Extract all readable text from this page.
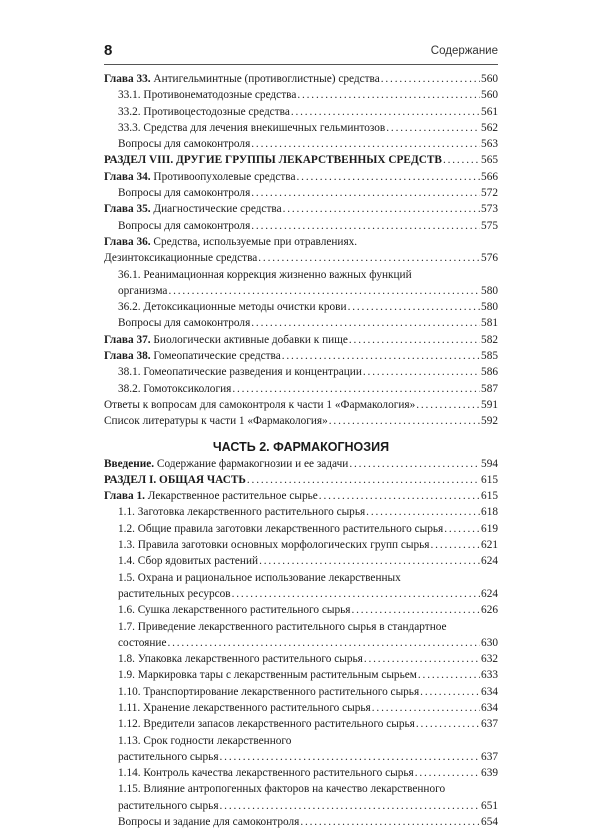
8	Содержание
Глава 33. Антигельминтные (противоглистные) средства . . .	560
33.1. Противонематодозные средства . . .	560
33.2. Противоцестодозные средства . . .	561
33.3. Средства для лечения внекишечных гельминтозов . . .	562
Вопросы для самоконтроля . . .	563
РАЗДЕЛ VIII. ДРУГИЕ ГРУППЫ ЛЕКАРСТВЕННЫХ СРЕДСТВ . . .	565
Глава 34. Противоопухолевые средства . . .	566
Вопросы для самоконтроля . . .	572
Глава 35. Диагностические средства . . .	573
Вопросы для самоконтроля . . .	575
Глава 36. Средства, используемые при отравлениях.
Дезинтоксикационные средства . . .	576
36.1. Реанимационная коррекция жизненно важных функций
организма . . .	580
36.2. Детоксикационные методы очистки крови . . .	580
Вопросы для самоконтроля . . .	581
Глава 37. Биологически активные добавки к пище . . .	582
Глава 38. Гомеопатические средства . . .	585
38.1. Гомеопатические разведения и концентрации . . .	586
38.2. Гомотоксикология . . .	587
Ответы к вопросам для самоконтроля к части 1 «Фармакология» . . .	591
Список литературы к части 1 «Фармакология» . . .	592
ЧАСТЬ 2. ФАРМАКОГНОЗИЯ
Введение. Содержание фармакогнозии и ее задачи . . .	594
РАЗДЕЛ I. ОБЩАЯ ЧАСТЬ . . .	615
Глава 1. Лекарственное растительное сырье . . .	615
1.1. Заготовка лекарственного растительного сырья . . .	618
1.2. Общие правила заготовки лекарственного растительного сырья . . .	619
1.3. Правила заготовки основных морфологических групп сырья . . .	621
1.4. Сбор ядовитых растений . . .	624
1.5. Охрана и рациональное использование лекарственных
растительных ресурсов . . .	624
1.6. Сушка лекарственного растительного сырья . . .	626
1.7. Приведение лекарственного растительного сырья в стандартное
состояние . . .	630
1.8. Упаковка лекарственного растительного сырья . . .	632
1.9. Маркировка тары с лекарственным растительным сырьем . . .	633
1.10. Транспортирование лекарственного растительного сырья . . .	634
1.11. Хранение лекарственного растительного сырья . . .	634
1.12. Вредители запасов лекарственного растительного сырья . . .	637
1.13. Срок годности лекарственного
растительного сырья . . .	637
1.14. Контроль качества лекарственного растительного сырья . . .	639
1.15. Влияние антропогенных факторов на качество лекарственного
растительного сырья . . .	651
Вопросы и задание для самоконтроля . . .	654
